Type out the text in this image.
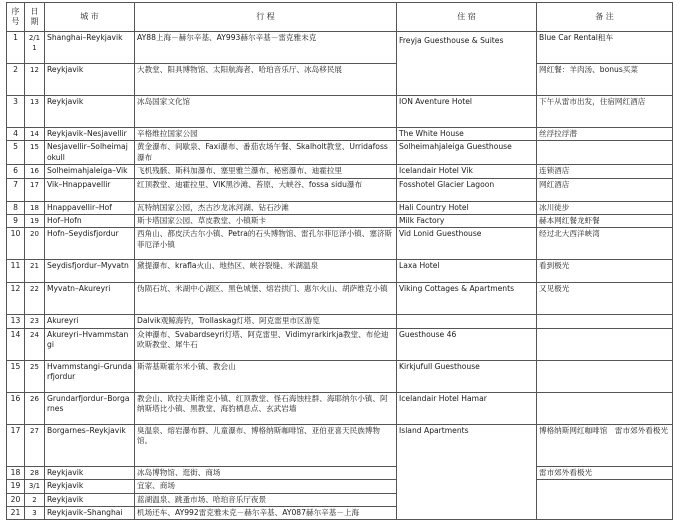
序号	日期	城 市	行 程	住 宿	备 注
1	2/11	Shanghai–Reykjavik	AY88上海－赫尔辛基、AY993赫尔辛基－雷克雅未克	Freyja Guesthouse & Suites	Blue Car Rental租车
2	12	Reykjavik	大教堂、阳具博物馆、太阳航海者、哈珀音乐厅、冰岛移民展		网红餐：羊肉汤、bonus买菜
3	13	Reykjavik	冰岛国家文化馆	ION Aventure Hotel	下午从雷市出发，住宿网红酒店
4	14	Reykjavik–Nesjavellir	辛格维拉国家公园	The White House	丝浮拉浮潜
5	15	Nesjavellir–Solheimajokull	黄金瀑布、间歇泉、Faxi瀑布、番茄农场午餐、Skalholt教堂、Urridafoss瀑布	Solheimahjaleiga Guesthouse	
6	16	Solheimahjaleiga–Vik	飞机残骸、斯科加瀑布、塞里雅兰瀑布、秘密瀑布、迪霍拉里	Icelandair Hotel Vik	连锁酒店
7	17	Vik–Hnappavellir	红顶教堂、迪霍拉里、VIK黑沙滩、苔原、大峡谷、fossa sidu瀑布	Fosshotel Glacier Lagoon	网红酒店
8	18	Hnappavellir–Hof	瓦特纳国家公园，杰古沙龙冰河湖、钻石沙滩	Hali Country Hotel	冰川徒步
9	19	Hof–Hofn	斯卡塔国家公园、草皮教堂、小镇斯卡	Milk Factory	赫本网红餐龙虾餐
10	20	Hofn–Seydisfjordur	西角山、都皮沃古尔小镇、Petra的石头博物馆、雷孔尔菲厄泽小镇、塞济斯菲厄泽小镇	Vid Lonid Guesthouse	经过北大西洋峡湾
11	21	Seydisfjordur–Myvatn	黛提瀑布、krafla火山、地热区、峡谷裂缝、米湖温泉	Laxa Hotel	看到极光
12	22	Myvatn–Akureyri	伪陨石坑、米湖中心湖区、黑色城堡、熔岩拱门、惠尔火山、胡萨维克小镇	Viking Cottages & Apartments	又见极光
13	23	Akureyri	Dalvik观鲸海钓，Trollaskag灯塔、阿克雷里市区游览		
14	24	Akureyri–Hvammstangi	众神瀑布、Svabardseyri灯塔、阿克雷里、Vidimyrarkirkja教堂、布伦迪欧斯教堂、犀牛石	Guesthouse 46	
15	25	Hvammstangi–Grundarfjordur	斯蒂基斯霍尔米小镇、教会山	Kirkjufull Guesthouse	
16	26	Grundarfjordur–Borgarnes	教会山、欧拉夫斯维克小镇、红顶教堂、怪石海蚀柱群、海耶纳尔小镇、阿纳斯塔比小镇、黑教堂、海豹栖息点、玄武岩墙	Icelandair Hotel Hamar	
17	27	Borgarnes–Reykjavik	臭温泉、熔岩瀑布群、儿童瀑布、博格纳斯咖啡馆、亚伯亚喜天民族博物馆。	Island Apartments	博格纳斯网红咖啡馆　雷市郊外看极光
18	28	Reykjavik	冰岛博物馆、逛街、商场		雷市郊外看极光
19	3/1	Reykjavik	宜家、商场		
20	2	Reykjavik	蓝湖温泉、跳蚤市场、哈珀音乐厅夜景		
21	3	Reykjavik–Shanghai	机场还车、AY992雷克雅未克－赫尔辛基、AY087赫尔辛基－上海		
